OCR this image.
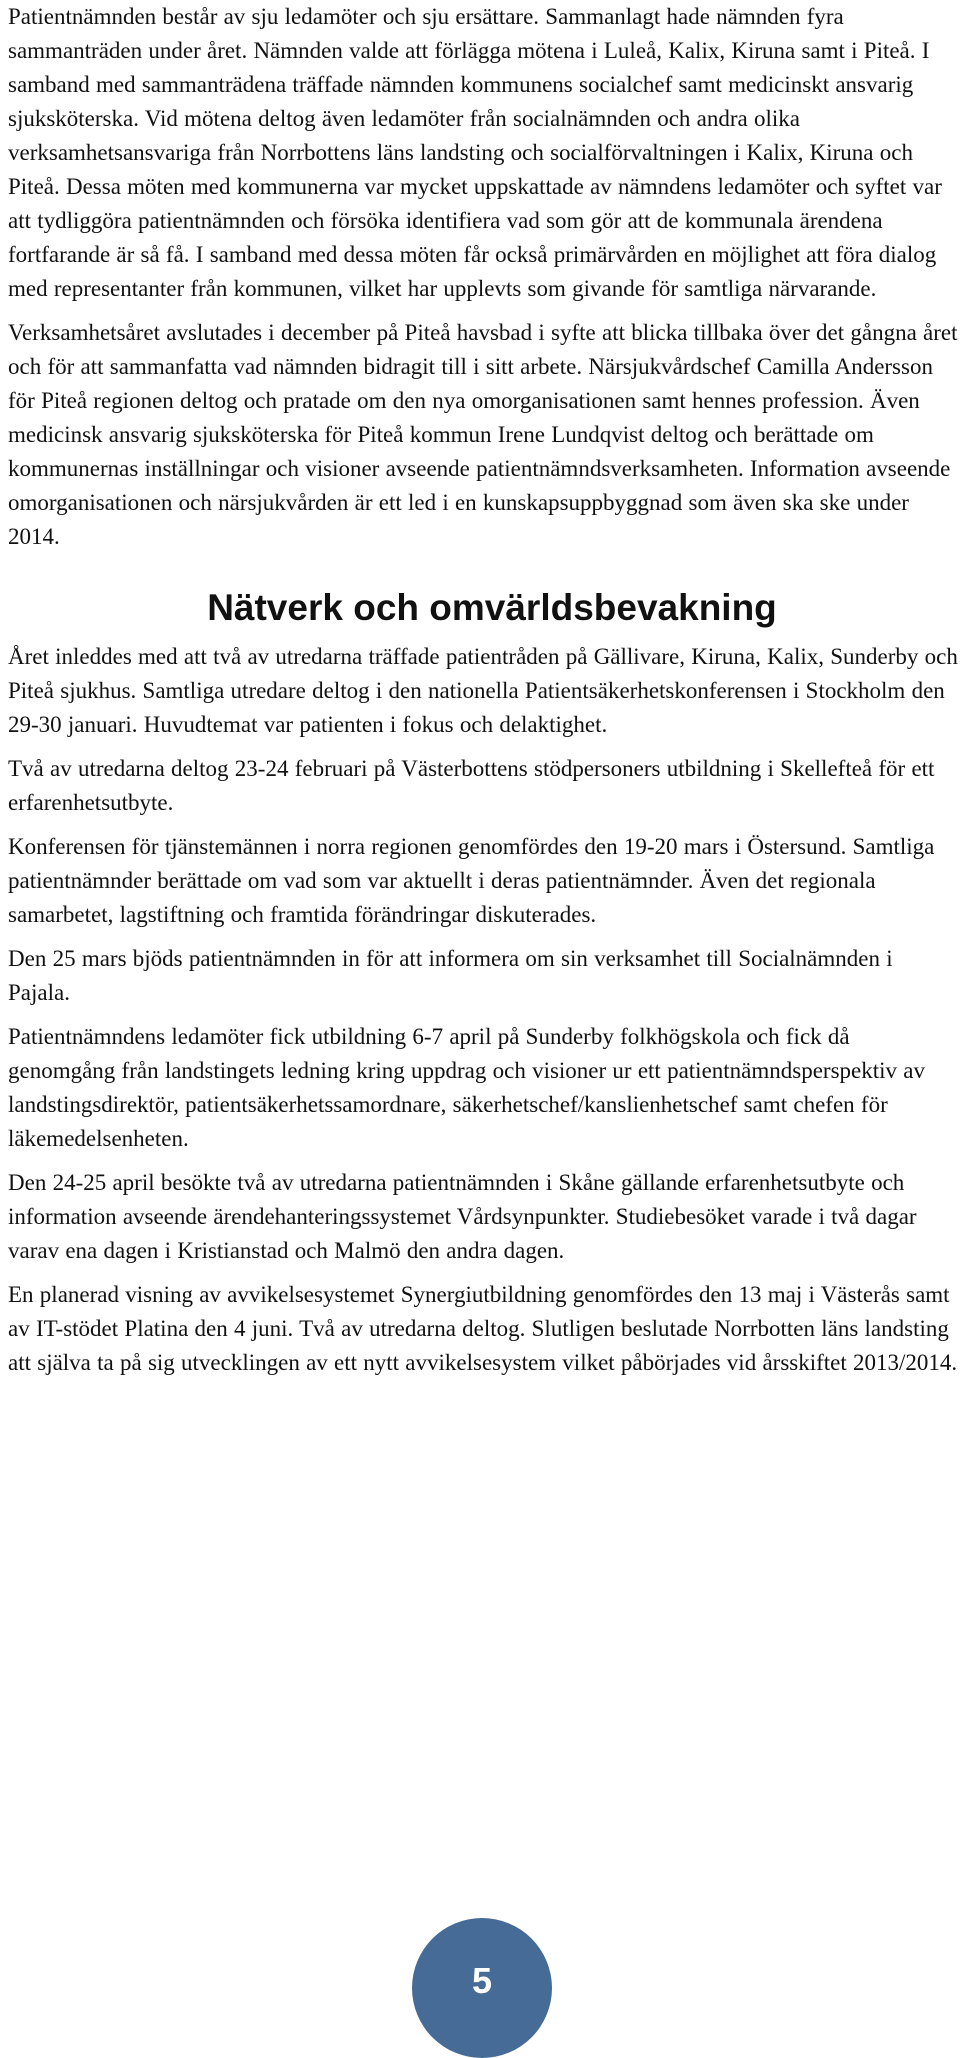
Patientnämnden består av sju ledamöter och sju ersättare. Sammanlagt hade nämnden fyra sammanträden under året. Nämnden valde att förlägga mötena i Luleå, Kalix, Kiruna samt i Piteå. I samband med sammanträdena träffade nämnden kommunens socialchef samt medicinskt ansvarig sjuksköterska. Vid mötena deltog även ledamöter från socialnämnden och andra olika verksamhetsansvariga från Norrbottens läns landsting och socialförvaltningen i Kalix, Kiruna och Piteå. Dessa möten med kommunerna var mycket uppskattade av nämndens ledamöter och syftet var att tydliggöra patientnämnden och försöka identifiera vad som gör att de kommunala ärendena fortfarande är så få. I samband med dessa möten får också primärvården en möjlighet att föra dialog med representanter från kommunen, vilket har upplevts som givande för samtliga närvarande.

Verksamhetsåret avslutades i december på Piteå havsbad i syfte att blicka tillbaka över det gångna året och för att sammanfatta vad nämnden bidragit till i sitt arbete. Närsjukvårdschef Camilla Andersson för Piteå regionen deltog och pratade om den nya omorganisationen samt hennes profession. Även medicinsk ansvarig sjuksköterska för Piteå kommun Irene Lundqvist deltog och berättade om kommunernas inställningar och visioner avseende patientnämndsverksamheten. Information avseende omorganisationen och närsjukvården är ett led i en kunskapsuppbyggnad som även ska ske under 2014.

Nätverk och omvärldsbevakning

Året inleddes med att två av utredarna träffade patientråden på Gällivare, Kiruna, Kalix, Sunderby och Piteå sjukhus. Samtliga utredare deltog i den nationella Patientsäkerhetskonferensen i Stockholm den 29-30 januari. Huvudtemat var patienten i fokus och delaktighet.

Två av utredarna deltog 23-24 februari på Västerbottens stödpersoners utbildning i Skellefteå för ett erfarenhetsutbyte.

Konferensen för tjänstemännen i norra regionen genomfördes den 19-20 mars i Östersund. Samtliga patientnämnder berättade om vad som var aktuellt i deras patientnämnder. Även det regionala samarbetet, lagstiftning och framtida förändringar diskuterades.

Den 25 mars bjöds patientnämnden in för att informera om sin verksamhet till Socialnämnden i Pajala.

Patientnämndens ledamöter fick utbildning 6-7 april på Sunderby folkhögskola och fick då genomgång från landstingets ledning kring uppdrag och visioner ur ett patientnämndsperspektiv av landstingsdirektör, patientsäkerhetssamordnare, säkerhetschef/kanslienhetschef samt chefen för läkemedelsenheten.

Den 24-25 april besökte två av utredarna patientnämnden i Skåne gällande erfarenhetsutbyte och information avseende ärendehanteringssystemet Vårdsynpunkter. Studiebesöket varade i två dagar varav ena dagen i Kristianstad och Malmö den andra dagen.

En planerad visning av avvikelsesystemet Synergiutbildning genomfördes den 13 maj i Västerås samt av IT-stödet Platina den 4 juni. Två av utredarna deltog. Slutligen beslutade Norrbotten läns landsting att själva ta på sig utvecklingen av ett nytt avvikelsesystem vilket påbörjades vid årsskiftet 2013/2014.

5
